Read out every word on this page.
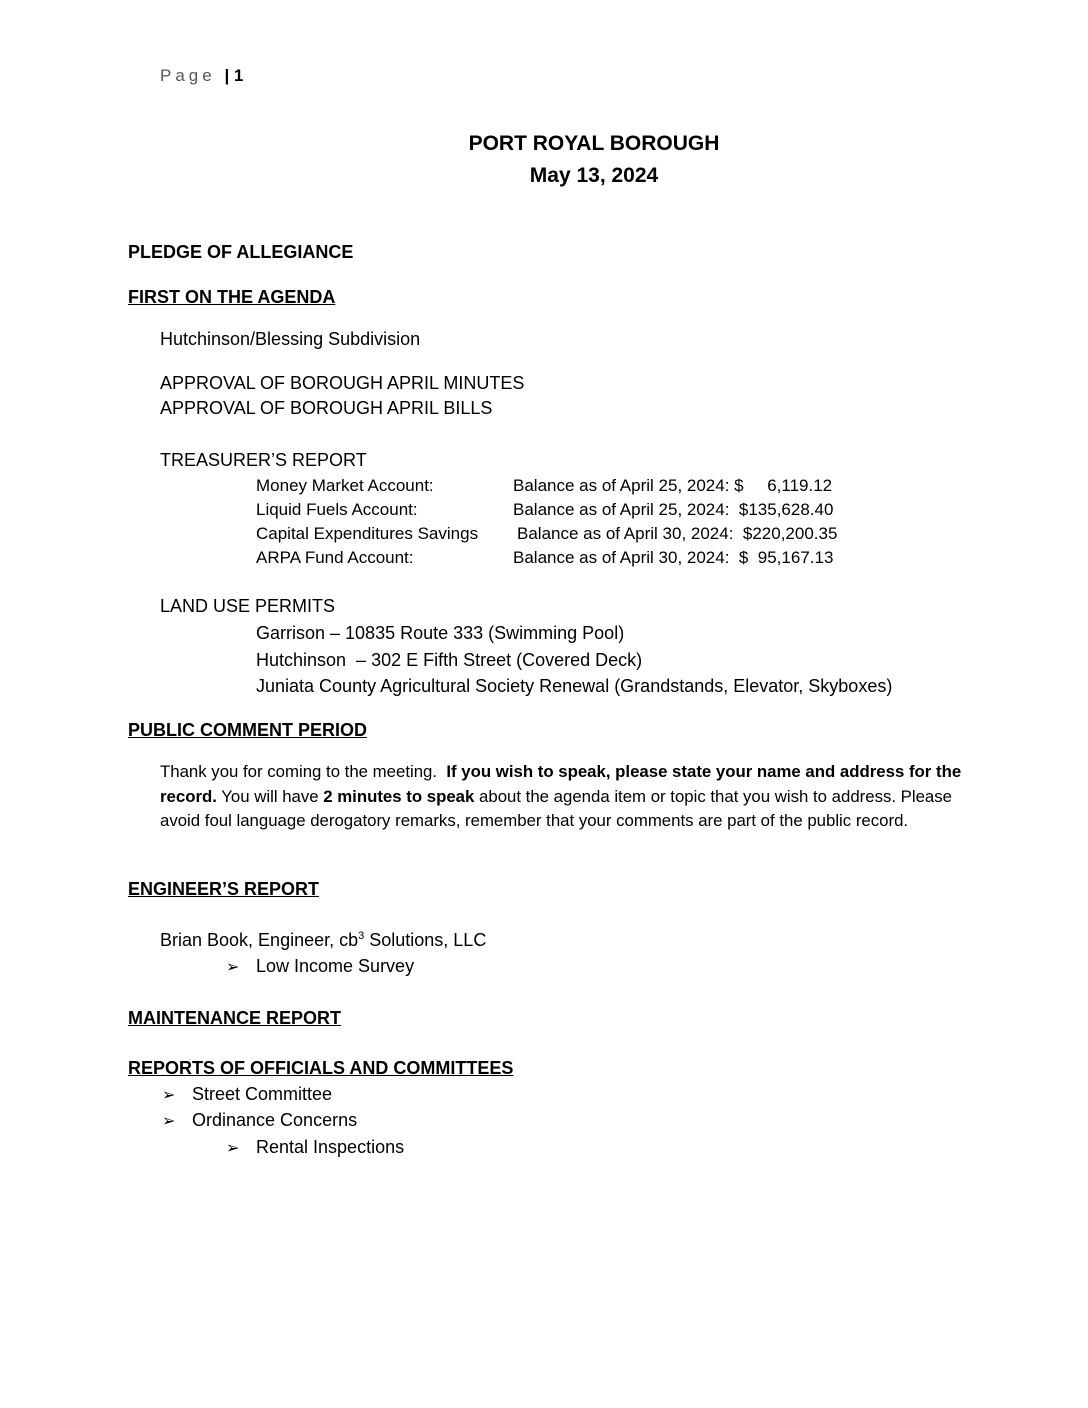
Page | 1
PORT ROYAL BOROUGH
May 13, 2024
PLEDGE OF ALLEGIANCE
FIRST ON THE AGENDA
Hutchinson/Blessing Subdivision
APPROVAL OF BOROUGH APRIL MINUTES
APPROVAL OF BOROUGH APRIL BILLS
TREASURER’S REPORT
Money Market Account:	Balance as of April 25, 2024: $     6,119.12
Liquid Fuels Account:	Balance as of April 25, 2024:  $135,628.40
Capital Expenditures Savings Balance as of April 30, 2024:  $220,200.35
ARPA Fund Account:	Balance as of April 30, 2024:  $  95,167.13
LAND USE PERMITS
Garrison – 10835 Route 333 (Swimming Pool)
Hutchinson  – 302 E Fifth Street (Covered Deck)
Juniata County Agricultural Society Renewal (Grandstands, Elevator, Skyboxes)
PUBLIC COMMENT PERIOD
Thank you for coming to the meeting.  If you wish to speak, please state your name and address for the record. You will have 2 minutes to speak about the agenda item or topic that you wish to address. Please avoid foul language derogatory remarks, remember that your comments are part of the public record.
ENGINEER’S REPORT
Brian Book, Engineer, $cb^3$ Solutions, LLC
➢ Low Income Survey
MAINTENANCE REPORT
REPORTS OF OFFICIALS AND COMMITTEES
➢ Street Committee
➢ Ordinance Concerns
➢ Rental Inspections
